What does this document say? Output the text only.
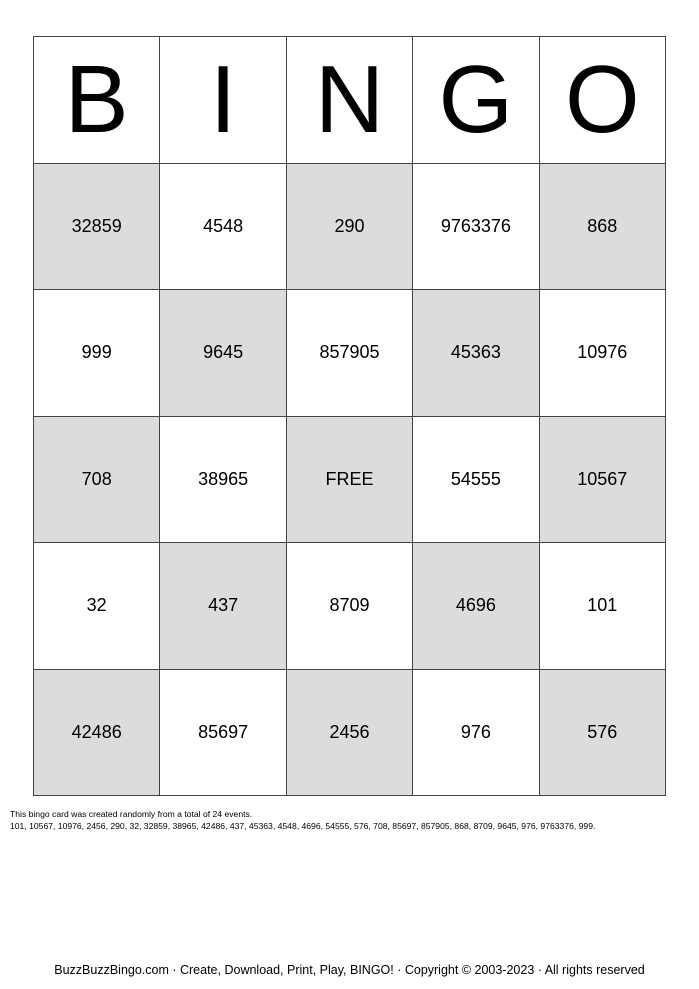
B I N G O
32859	4548	290	9763376	868
999	9645	857905	45363	10976
708	38965	FREE	54555	10567
32	437	8709	4696	101
42486	85697	2456	976	576
This bingo card was created randomly from a total of 24 events.
101, 10567, 10976, 2456, 290, 32, 32859, 38965, 42486, 437, 45363, 4548, 4696, 54555, 576, 708, 85697, 857905, 868, 8709, 9645, 976, 9763376, 999.
BuzzBuzzBingo.com · Create, Download, Print, Play, BINGO! · Copyright © 2003-2023 · All rights reserved
